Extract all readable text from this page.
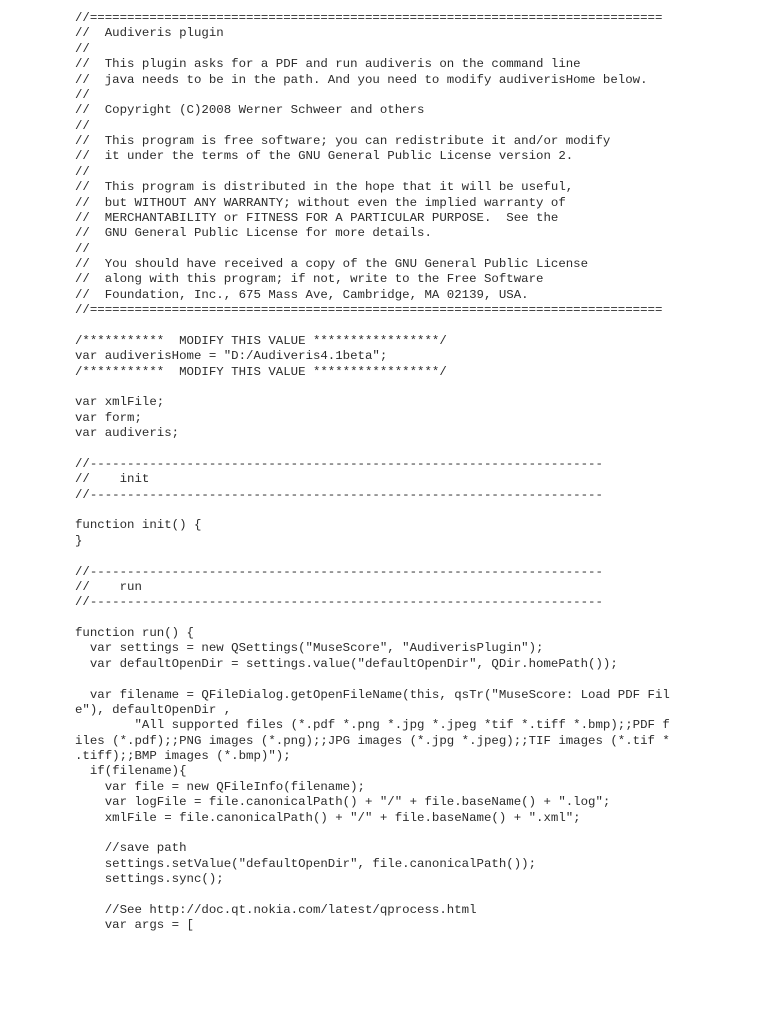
//=============================================================================
//  Audiveris plugin
//
//  This plugin asks for a PDF and run audiveris on the command line
//  java needs to be in the path. And you need to modify audiverisHome below.
//
//  Copyright (C)2008 Werner Schweer and others
//
//  This program is free software; you can redistribute it and/or modify
//  it under the terms of the GNU General Public License version 2.
//
//  This program is distributed in the hope that it will be useful,
//  but WITHOUT ANY WARRANTY; without even the implied warranty of
//  MERCHANTABILITY or FITNESS FOR A PARTICULAR PURPOSE.  See the
//  GNU General Public License for more details.
//
//  You should have received a copy of the GNU General Public License
//  along with this program; if not, write to the Free Software
//  Foundation, Inc., 675 Mass Ave, Cambridge, MA 02139, USA.
//=============================================================================
/***********  MODIFY THIS VALUE *****************/
var audiverisHome = "D:/Audiveris4.1beta";
/***********  MODIFY THIS VALUE *****************/
var xmlFile;
var form;
var audiveris;
//---------------------------------------------------------------------
//    init
//---------------------------------------------------------------------
function init() {
}
//---------------------------------------------------------------------
//    run
//---------------------------------------------------------------------
function run() {
var settings = new QSettings("MuseScore", "AudiverisPlugin");
var defaultOpenDir = settings.value("defaultOpenDir", QDir.homePath());
var filename = QFileDialog.getOpenFileName(this, qsTr("MuseScore: Load PDF Fil
e"), defaultOpenDir ,
"All supported files (*.pdf *.png *.jpg *.jpeg *tif *.tiff *.bmp);;PDF f
iles (*.pdf);;PNG images (*.png);;JPG images (*.jpg *.jpeg);;TIF images (*.tif *
.tiff);;BMP images (*.bmp)");
if(filename){
var file = new QFileInfo(filename);
var logFile = file.canonicalPath() + "/" + file.baseName() + ".log";
xmlFile = file.canonicalPath() + "/" + file.baseName() + ".xml";
//save path
settings.setValue("defaultOpenDir", file.canonicalPath());
settings.sync();
//See http://doc.qt.nokia.com/latest/qprocess.html
var args = [
